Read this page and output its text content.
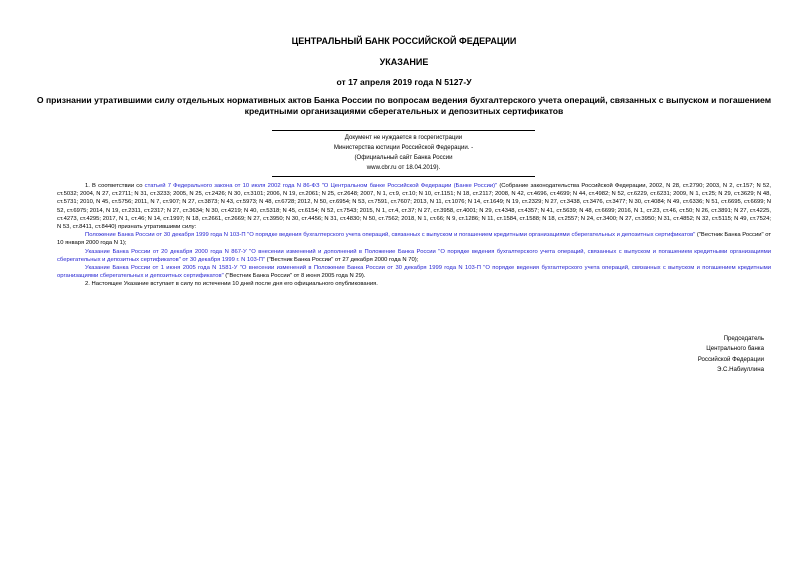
ЦЕНТРАЛЬНЫЙ БАНК РОССИЙСКОЙ ФЕДЕРАЦИИ
УКАЗАНИЕ
от 17 апреля 2019 года N 5127-У
О признании утратившими силу отдельных нормативных актов Банка России по вопросам ведения бухгалтерского учета операций, связанных с выпуском и погашением кредитными организациями сберегательных и депозитных сертификатов
Документ не нуждается в госрегистрации
Министерства юстиции Российской Федерации. -
(Официальный сайт Банка России
www.cbr.ru от 18.04.2019).

1. В соответствии со статьей 7 Федерального закона от 10 июля 2002 года N 86-ФЗ "О Центральном банке Российской Федерации (Банке России)" (Собрание законодательства Российской Федерации, 2002, N 28, ст.2790; 2003, N 2, ст.157; N 52, ст.5032; 2004, N 27, ст.2711; N 31, ст.3233; 2005, N 25, ст.2426; N 30, ст.3101; 2006, N 19, ст.2061; N 25, ст.2648; 2007, N 1, ст.9, ст.10; N 10, ст.1151; N 18, ст.2117; 2008, N 42, ст.4696, ст.4699; N 44, ст.4982; N 52, ст.6229, ст.6231; 2009, N 1, ст.25; N 29, ст.3629; N 48, ст.5731; 2010, N 45, ст.5756; 2011, N 7, ст.907; N 27, ст.3873; N 43, ст.5973; N 48, ст.6728; 2012, N 50, ст.6954; N 53, ст.7591, ст.7607; 2013, N 11, ст.1076; N 14, ст.1649; N 19, ст.2329; N 27, ст.3438, ст.3476, ст.3477; N 30, ст.4084; N 49, ст.6336; N 51, ст.6695, ст.6699; N 52, ст.6975; 2014, N 19, ст.2311, ст.2317; N 27, ст.3634; N 30, ст.4219; N 40, ст.5318; N 45, ст.6154; N 52, ст.7543; 2015, N 1, ст.4, ст.37; N 27, ст.3958, ст.4001; N 29, ст.4348, ст.4357; N 41, ст.5639; N 48, ст.6699; 2016, N 1, ст.23, ст.46, ст.50; N 26, ст.3891; N 27, ст.4225, ст.4273, ст.4295; 2017, N 1, ст.46; N 14, ст.1997; N 18, ст.2661, ст.2669; N 27, ст.3950; N 30, ст.4456; N 31, ст.4830; N 50, ст.7562; 2018, N 1, ст.66; N 9, ст.1286; N 11, ст.1584, ст.1588; N 18, ст.2557; N 24, ст.3400; N 27, ст.3950; N 31, ст.4852; N 32, ст.5115; N 49, ст.7524; N 53, ст.8411, ст.8440) признать утратившими силу:

Положение Банка России от 30 декабря 1999 года N 103-П "О порядке ведения бухгалтерского учета операций, связанных с выпуском и погашением кредитными организациями сберегательных и депозитных сертификатов" ("Вестник Банка России" от 10 января 2000 года N 1);

Указание Банка России от 20 декабря 2000 года N 867-У "О внесении изменений и дополнений в Положение Банка России "О порядке ведения бухгалтерского учета операций, связанных с выпуском и погашением кредитными организациями сберегательных и депозитных сертификатов" от 30 декабря 1999 г. N 103-П" ("Вестник Банка России" от 27 декабря 2000 года N 70);

Указание Банка России от 1 июня 2005 года N 1581-У "О внесении изменений в Положение Банка России от 30 декабря 1999 года N 103-П "О порядке ведения бухгалтерского учета операций, связанных с выпуском и погашением кредитными организациями сберегательных и депозитных сертификатов" ("Вестник Банка России" от 8 июня 2005 года N 29).

2. Настоящее Указание вступает в силу по истечении 10 дней после дня его официального опубликования.

Председатель
Центрального банка
Российской Федерации
Э.С.Набиуллина
